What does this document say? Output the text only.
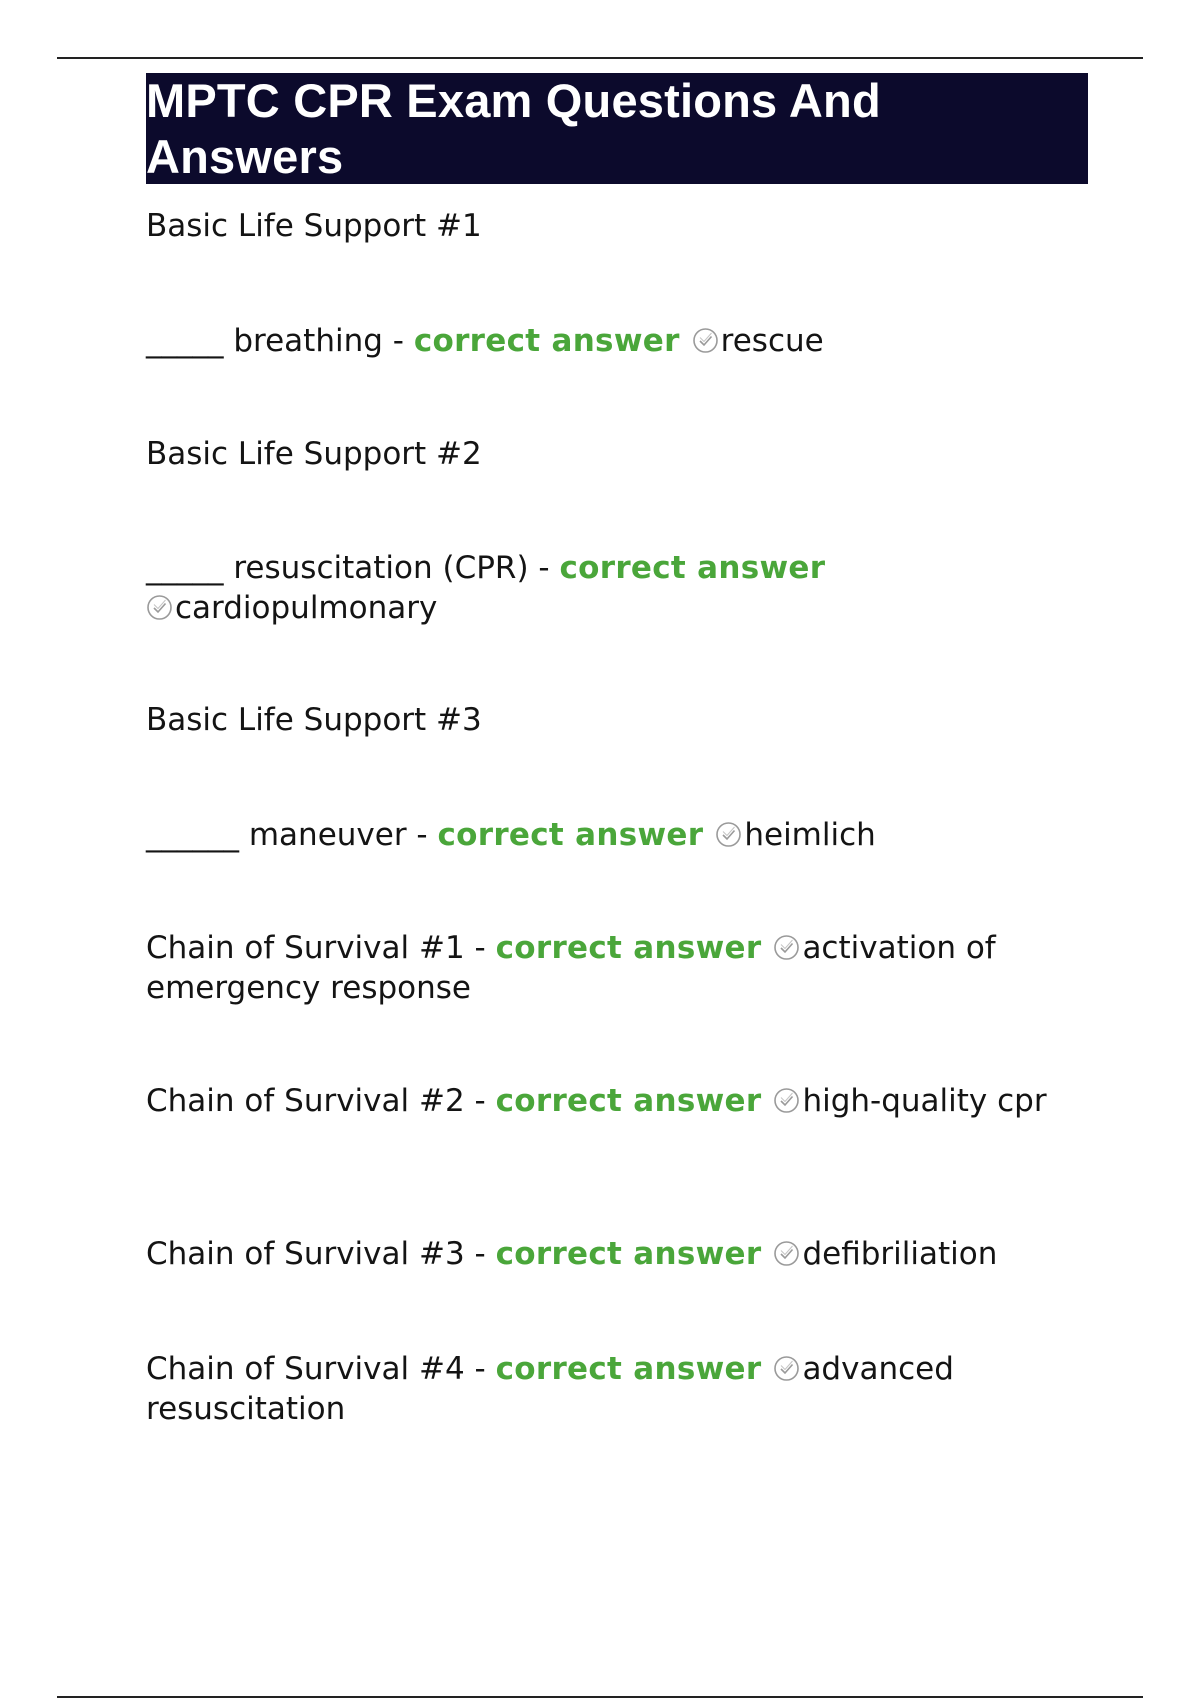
MPTC CPR Exam Questions And Answers

Basic Life Support #1

_____ breathing - correct answer rescue

Basic Life Support #2

_____ resuscitation (CPR) - correct answer

cardiopulmonary

Basic Life Support #3

______ maneuver - correct answer heimlich

Chain of Survival #1 - correct answer activation of emergency response

Chain of Survival #2 - correct answer high-quality cpr

Chain of Survival #3 - correct answer defibriliation

Chain of Survival #4 - correct answer advanced resuscitation
